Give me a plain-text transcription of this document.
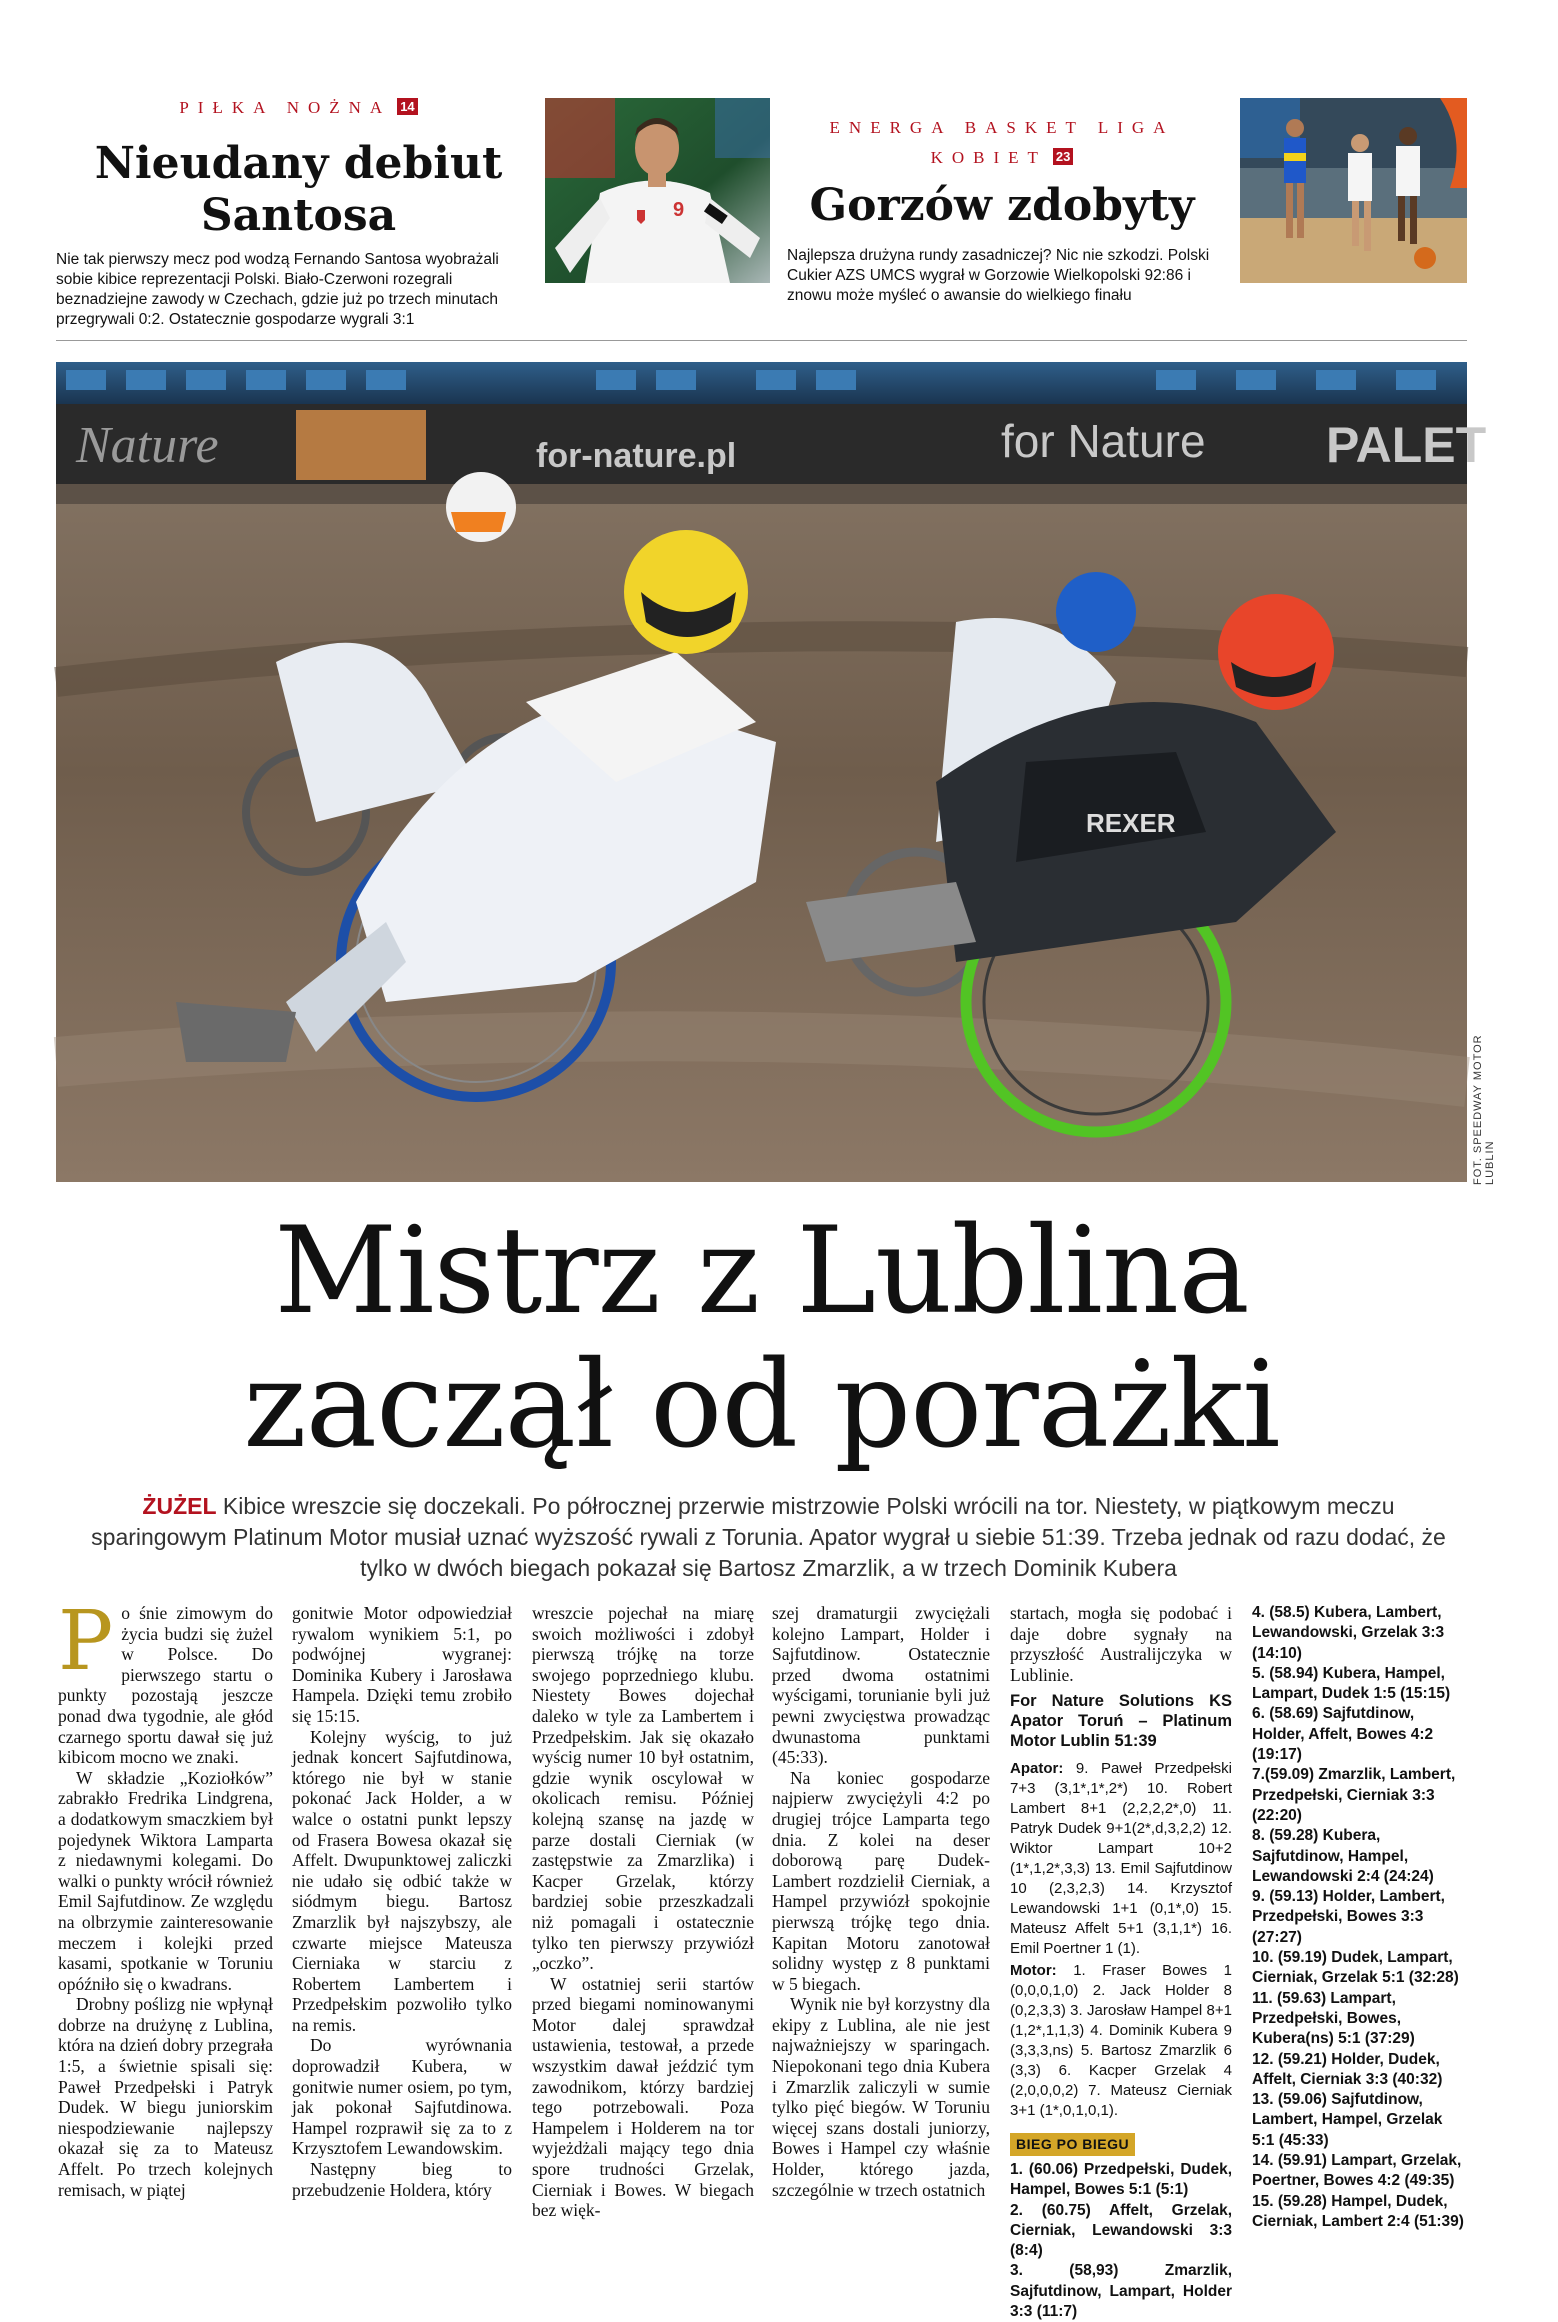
PIŁKA NOŻNA 14
Nieudany debiut
Santosa
Nie tak pierwszy mecz pod wodzą Fernando Santosa wyobrażali sobie kibice reprezentacji Polski. Biało-Czerwoni rozegrali beznadziejne zawody w Czechach, gdzie już po trzech minutach przegrywali 0:2. Ostatecznie gospodarze wygrali 3:1
9
ENERGA BASKET LIGA
KOBIET 23
Gorzów zdobyty
Najlepsza drużyna rundy zasadniczej? Nic nie szkodzi. Polski Cukier AZS UMCS wygrał w Gorzowie Wielkopolski 92:86 i znowu może myśleć o awansie do wielkiego finału
Nature	for-nature.pl	for Nature PALET
REXER
FOT. SPEEDWAY MOTOR LUBLIN
Mistrz z Lublina
zaczął od porażki
ŻUŻEL Kibice wreszcie się doczekali. Po półrocznej przerwie mistrzowie Polski wrócili na tor. Niestety, w piątkowym meczu sparingowym Platinum Motor musiał uznać wyższość rywali z Torunia. Apator wygrał u siebie 51:39. Trzeba jednak od razu dodać, że tylko w dwóch biegach pokazał się Bartosz Zmarzlik, a w trzech Dominik Kubera
P o śnie zimowym do życia budzi się żużel w Polsce. Do pierwszego startu o punkty pozostają jeszcze ponad dwa tygodnie, ale głód czarnego sportu dawał się już kibicom mocno we znaki.

W składzie „Koziołków” zabrakło Fredrika Lindgrena, a dodatkowym smaczkiem był pojedynek Wiktora Lamparta z niedawnymi kolegami. Do walki o punkty wrócił również Emil Sajfutdinow. Ze względu na olbrzymie zainteresowanie meczem i kolejki przed kasami, spotkanie w Toruniu opóźniło się o kwadrans.

Drobny poślizg nie wpłynął dobrze na drużynę z Lublina, która na dzień dobry przegrała 1:5, a świetnie spisali się: Paweł Przedpełski i Patryk Dudek. W biegu juniorskim niespodziewanie najlepszy okazał się za to Mateusz Affelt. Po trzech kolejnych remisach, w piątej

gonitwie Motor odpowiedział rywalom wynikiem 5:1, po podwójnej wygranej: Dominika Kubery i Jarosława Hampela. Dzięki temu zrobiło się 15:15.

Kolejny wyścig, to już jednak koncert Sajfutdinowa, którego nie był w stanie pokonać Jack Holder, a w walce o ostatni punkt lepszy od Frasera Bowesa okazał się Affelt. Dwupunktowej zaliczki nie udało się odbić także w siódmym biegu. Bartosz Zmarzlik był najszybszy, ale czwarte miejsce Mateusza Cierniaka w starciu z Robertem Lambertem i Przedpełskim pozwoliło tylko na remis.

Do wyrównania doprowadził Kubera, w gonitwie numer osiem, po tym, jak pokonał Sajfutdinowa. Hampel rozprawił się za to z Krzysztofem Lewandowskim.

Następny bieg to przebudzenie Holdera, który

wreszcie pojechał na miarę swoich możliwości i zdobył pierwszą trójkę na torze swojego poprzedniego klubu. Niestety Bowes dojechał daleko w tyle za Lambertem i Przedpełskim. Jak się okazało wyścig numer 10 był ostatnim, gdzie wynik oscylował w okolicach remisu. Później kolejną szansę na jazdę w parze dostali Cierniak (w zastępstwie za Zmarzlika) i Kacper Grzelak, którzy bardziej sobie przeszkadzali niż pomagali i ostatecznie tylko ten pierwszy przywiózł „oczko”.

W ostatniej serii startów przed biegami nominowanymi Motor dalej sprawdzał ustawienia, testował, a przede wszystkim dawał jeździć tym zawodnikom, którzy bardziej tego potrzebowali. Poza Hampelem i Holderem na tor wyjeżdżali mający tego dnia spore trudności Grzelak, Cierniak i Bowes. W biegach bez więk-

szej dramaturgii zwyciężali kolejno Lampart, Holder i Sajfutdinow. Ostatecznie przed dwoma ostatnimi wyścigami, torunianie byli już pewni zwycięstwa prowadząc dwunastoma punktami (45:33).

Na koniec gospodarze najpierw zwyciężyli 4:2 po drugiej trójce Lamparta tego dnia. Z kolei na deser doborową parę Dudek-Lambert rozdzielił Cierniak, a Hampel przywiózł spokojnie pierwszą trójkę tego dnia. Kapitan Motoru zanotował solidny występ z 8 punktami w 5 biegach.

Wynik nie był korzystny dla ekipy z Lublina, ale nie jest najważniejszy w sparingach. Niepokonani tego dnia Kubera i Zmarzlik zaliczyli w sumie tylko pięć biegów. W Toruniu więcej szans dostali juniorzy, Bowes i Hampel czy właśnie Holder, którego jazda, szczególnie w trzech ostatnich

startach, mogła się podobać i daje dobre sygnały na przyszłość Australijczyka w Lublinie.

For Nature Solutions KS Apator Toruń – Platinum Motor Lublin 51:39
Apator: 9. Paweł Przedpełski 7+3 (3,1*,1*,2*) 10. Robert Lambert 8+1 (2,2,2,2*,0) 11. Patryk Dudek 9+1(2*,d,3,2,2) 12. Wiktor Lampart 10+2 (1*,1,2*,3,3) 13. Emil Sajfutdinow 10 (2,3,2,3) 14. Krzysztof Lewandowski 1+1 (0,1*,0) 15. Mateusz Affelt 5+1 (3,1,1*) 16. Emil Poertner 1 (1).
Motor: 1. Fraser Bowes 1 (0,0,0,1,0) 2. Jack Holder 8 (0,2,3,3) 3. Jarosław Hampel 8+1 (1,2*,1,1,3) 4. Dominik Kubera 9 (3,3,3,ns) 5. Bartosz Zmarzlik 6 (3,3) 6. Kacper Grzelak 4 (2,0,0,0,2) 7. Mateusz Cierniak 3+1 (1*,0,1,0,1).
BIEG PO BIEGU
1. (60.06) Przedpełski, Dudek, Hampel, Bowes 5:1 (5:1)
2. (60.75) Affelt, Grzelak, Cierniak, Lewandowski 3:3 (8:4)
3. (58,93) Zmarzlik, Sajfutdinow, Lampart, Holder 3:3 (11:7)
4. (58.5) Kubera, Lambert, Lewandowski, Grzelak 3:3 (14:10)
5. (58.94) Kubera, Hampel, Lampart, Dudek 1:5 (15:15)
6. (58.69) Sajfutdinow, Holder, Affelt, Bowes 4:2 (19:17)
7.(59.09) Zmarzlik, Lambert, Przedpełski, Cierniak 3:3 (22:20)
8. (59.28) Kubera, Sajfutdinow, Hampel, Lewandowski 2:4 (24:24)
9. (59.13) Holder, Lambert, Przedpełski, Bowes 3:3 (27:27)
10. (59.19) Dudek, Lampart, Cierniak, Grzelak 5:1 (32:28)
11. (59.63) Lampart, Przedpełski, Bowes, Kubera(ns) 5:1 (37:29)
12. (59.21) Holder, Dudek, Affelt, Cierniak 3:3 (40:32)
13. (59.06) Sajfutdinow, Lambert, Hampel, Grzelak 5:1 (45:33)
14. (59.91) Lampart, Grzelak, Poertner, Bowes 4:2 (49:35)
15. (59.28) Hampel, Dudek, Cierniak, Lambert 2:4 (51:39)
